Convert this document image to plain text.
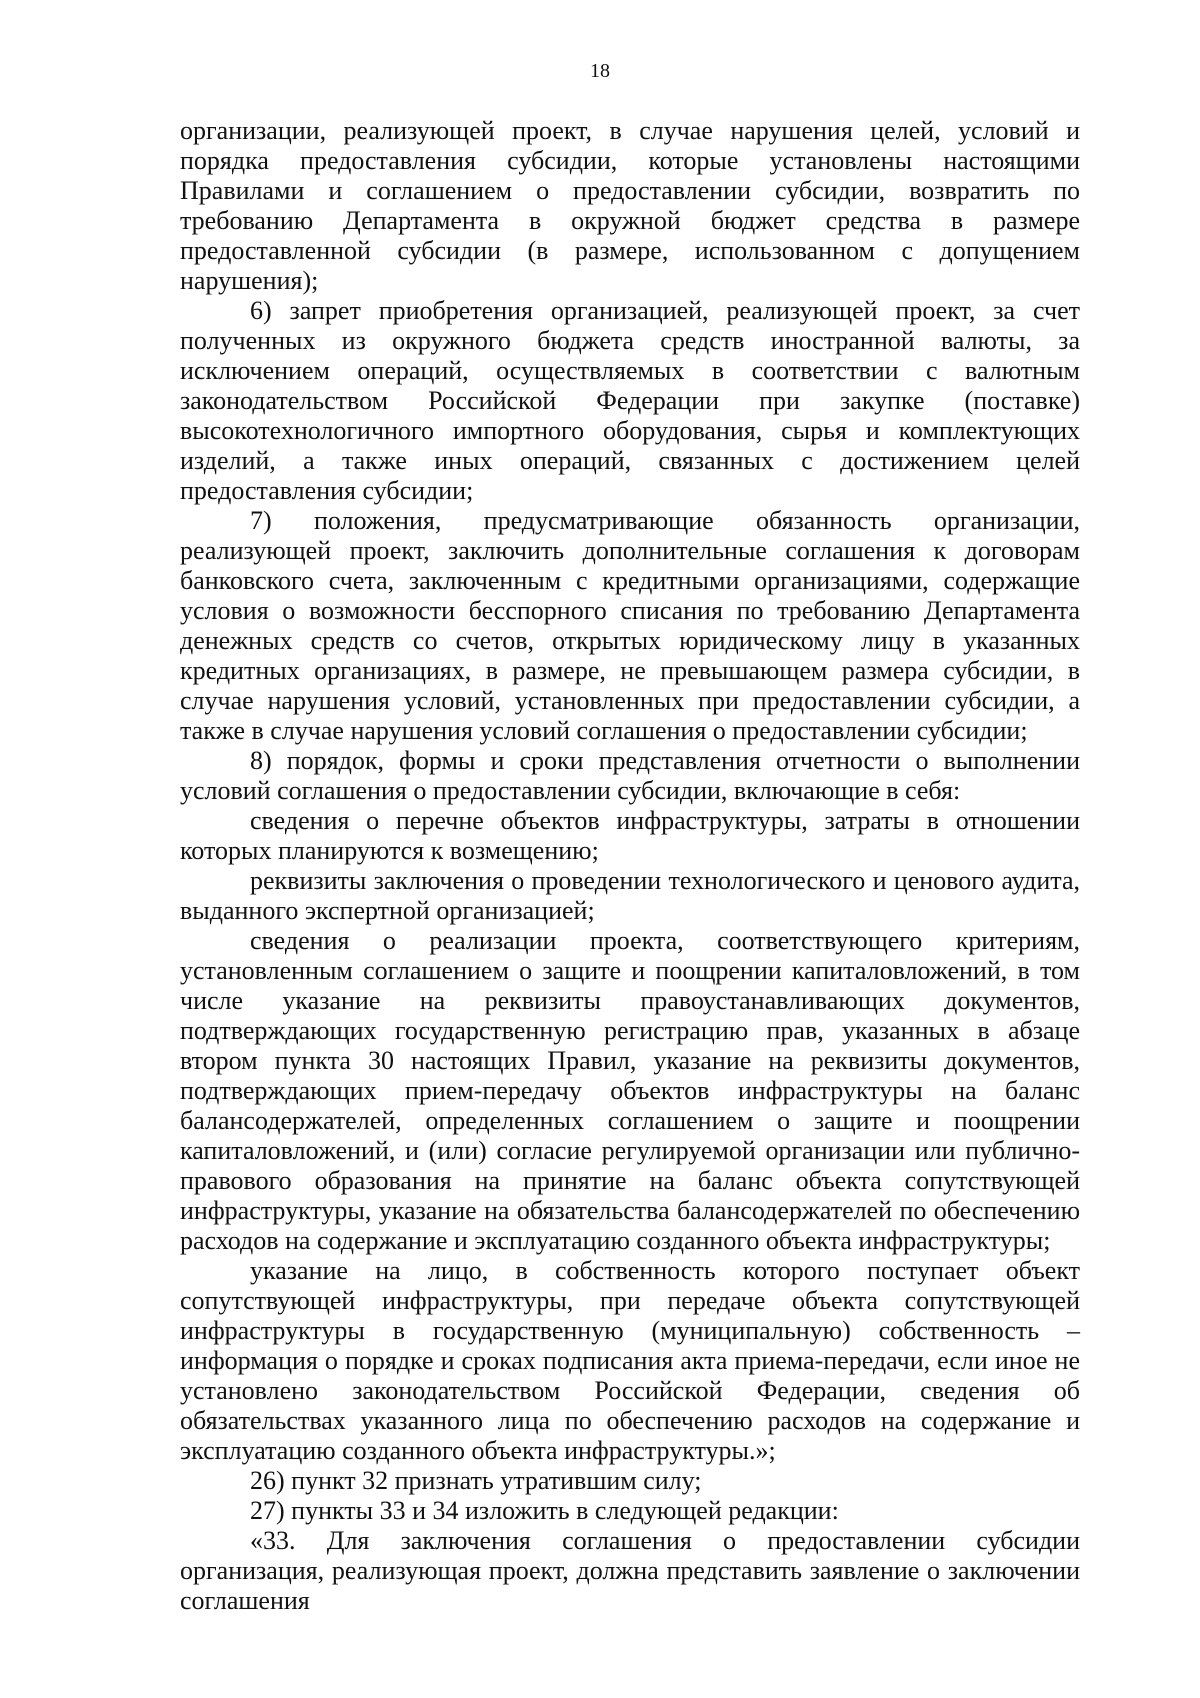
18

организации, реализующей проект, в случае нарушения целей, условий и порядка предоставления субсидии, которые установлены настоящими Правилами и соглашением о предоставлении субсидии, возвратить по требованию Департамента в окружной бюджет средства в размере предоставленной субсидии (в размере, использованном с допущением нарушения);

6) запрет приобретения организацией, реализующей проект, за счет полученных из окружного бюджета средств иностранной валюты, за исключением операций, осуществляемых в соответствии с валютным законодательством Российской Федерации при закупке (поставке) высокотехнологичного импортного оборудования, сырья и комплектующих изделий, а также иных операций, связанных с достижением целей предоставления субсидии;

7) положения, предусматривающие обязанность организации, реализующей проект, заключить дополнительные соглашения к договорам банковского счета, заключенным с кредитными организациями, содержащие условия о возможности бесспорного списания по требованию Департамента денежных средств со счетов, открытых юридическому лицу в указанных кредитных организациях, в размере, не превышающем размера субсидии, в случае нарушения условий, установленных при предоставлении субсидии, а также в случае нарушения условий соглашения о предоставлении субсидии;

8) порядок, формы и сроки представления отчетности о выполнении условий соглашения о предоставлении субсидии, включающие в себя:

сведения о перечне объектов инфраструктуры, затраты в отношении которых планируются к возмещению;

реквизиты заключения о проведении технологического и ценового аудита, выданного экспертной организацией;

сведения о реализации проекта, соответствующего критериям, установленным соглашением о защите и поощрении капиталовложений, в том числе указание на реквизиты правоустанавливающих документов, подтверждающих государственную регистрацию прав, указанных в абзаце втором пункта 30 настоящих Правил, указание на реквизиты документов, подтверждающих прием-передачу объектов инфраструктуры на баланс балансодержателей, определенных соглашением о защите и поощрении капиталовложений, и (или) согласие регулируемой организации или публично-правового образования на принятие на баланс объекта сопутствующей инфраструктуры, указание на обязательства балансодержателей по обеспечению расходов на содержание и эксплуатацию созданного объекта инфраструктуры;

указание на лицо, в собственность которого поступает объект сопутствующей инфраструктуры, при передаче объекта сопутствующей инфраструктуры в государственную (муниципальную) собственность – информация о порядке и сроках подписания акта приема-передачи, если иное не установлено законодательством Российской Федерации, сведения об обязательствах указанного лица по обеспечению расходов на содержание и эксплуатацию созданного объекта инфраструктуры.»;

26) пункт 32 признать утратившим силу;

27) пункты 33 и 34 изложить в следующей редакции:

«33. Для заключения соглашения о предоставлении субсидии организация, реализующая проект, должна представить заявление о заключении соглашения
